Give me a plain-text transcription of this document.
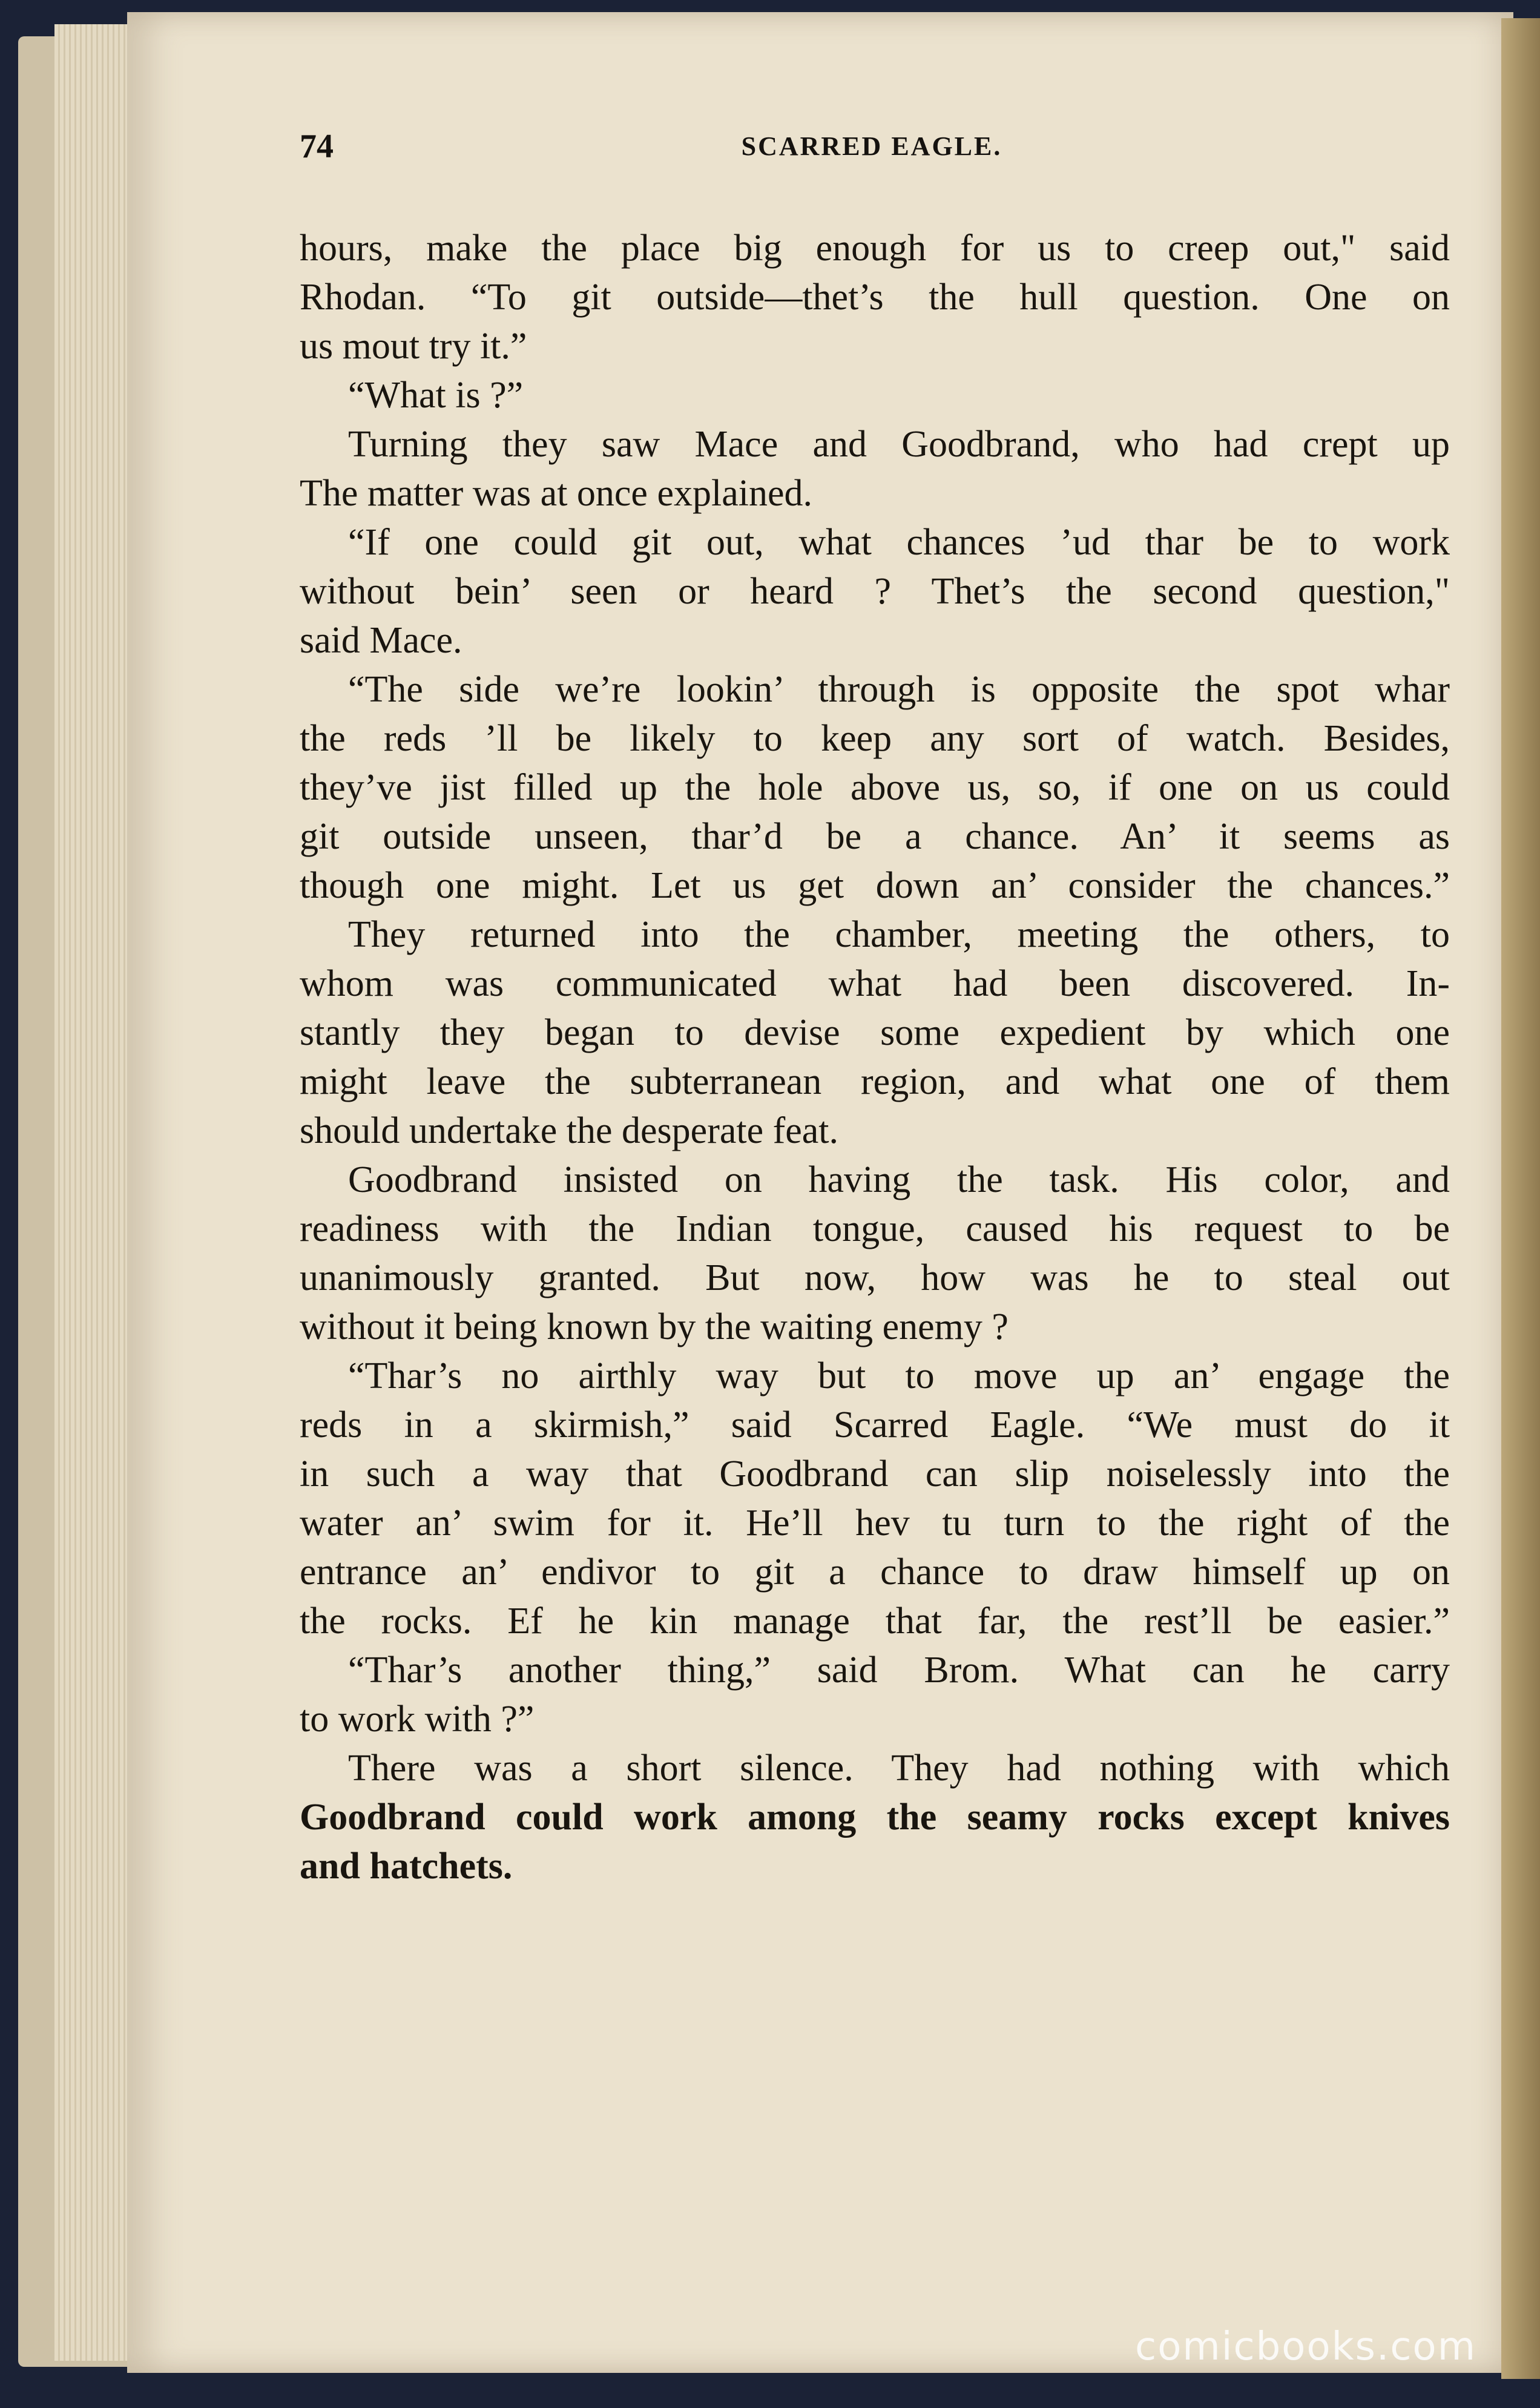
74	SCARRED EAGLE.
hours, make the place big enough for us to creep out," said
Rhodan. “To git outside—thet’s the hull question. One on
us mout try it.”
“What is ?”
Turning they saw Mace and Goodbrand, who had crept up
The matter was at once explained.
“If one could git out, what chances ’ud thar be to work
without bein’ seen or heard ? Thet’s the second question,"
said Mace.
“The side we’re lookin’ through is opposite the spot whar
the reds ’ll be likely to keep any sort of watch. Besides,
they’ve jist filled up the hole above us, so, if one on us could
git outside unseen, thar’d be a chance. An’ it seems as
though one might. Let us get down an’ consider the chances.”
They returned into the chamber, meeting the others, to
whom was communicated what had been discovered. In-
stantly they began to devise some expedient by which one
might leave the subterranean region, and what one of them
should undertake the desperate feat.
Goodbrand insisted on having the task. His color, and
readiness with the Indian tongue, caused his request to be
unanimously granted. But now, how was he to steal out
without it being known by the waiting enemy ?
“Thar’s no airthly way but to move up an’ engage the
reds in a skirmish,” said Scarred Eagle. “We must do it
in such a way that Goodbrand can slip noiselessly into the
water an’ swim for it. He’ll hev tu turn to the right of the
entrance an’ endivor to git a chance to draw himself up on
the rocks. Ef he kin manage that far, the rest’ll be easier.”
“Thar’s another thing,” said Brom. What can he carry
to work with ?”
There was a short silence. They had nothing with which
Goodbrand could work among the seamy rocks except knives
and hatchets.
comicbooks.com
